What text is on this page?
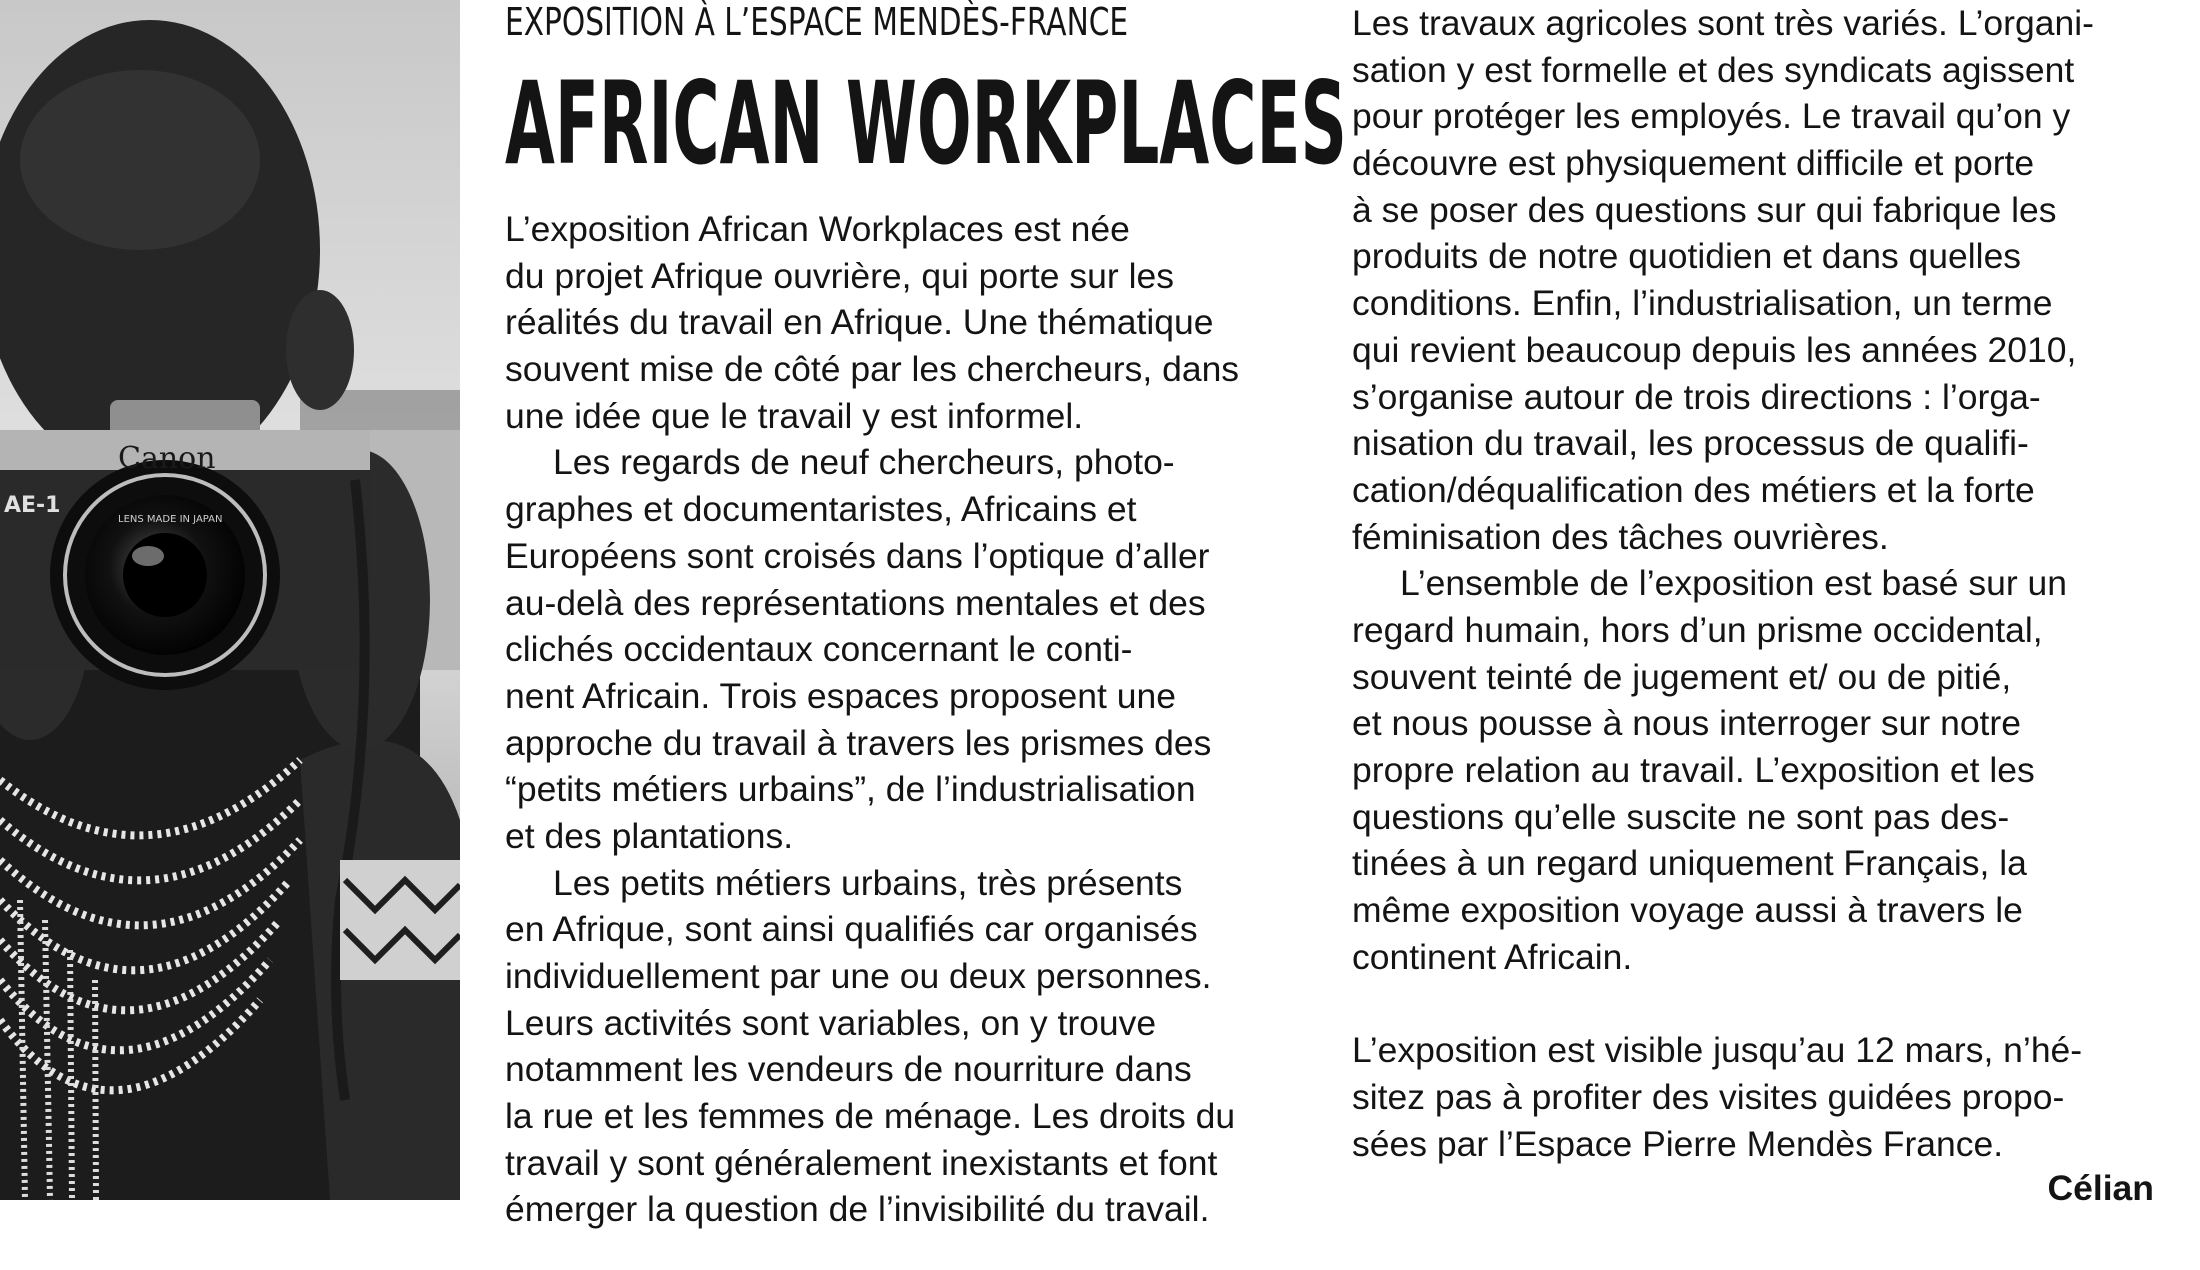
Canon
AE-1
LENS MADE IN JAPAN
EXPOSITION À L’ESPACE MENDÈS-FRANCE
AFRICAN WORKPLACES
L’exposition African Workplaces est née
du projet Afrique ouvrière, qui porte sur les
réalités du travail en Afrique. Une thématique
souvent mise de côté par les chercheurs, dans
une idée que le travail y est informel.
Les regards de neuf chercheurs, photo-
graphes et documentaristes, Africains et
Européens sont croisés dans l’optique d’aller
au-delà des représentations mentales et des
clichés occidentaux concernant le conti-
nent Africain. Trois espaces proposent une
approche du travail à travers les prismes des
“petits métiers urbains”, de l’industrialisation
et des plantations.
Les petits métiers urbains, très présents
en Afrique, sont ainsi qualifiés car organisés
individuellement par une ou deux personnes.
Leurs activités sont variables, on y trouve
notamment les vendeurs de nourriture dans
la rue et les femmes de ménage. Les droits du
travail y sont généralement inexistants et font
émerger la question de l’invisibilité du travail.
Les travaux agricoles sont très variés. L’organi-
sation y est formelle et des syndicats agissent
pour protéger les employés. Le travail qu’on y
découvre est physiquement difficile et porte
à se poser des questions sur qui fabrique les
produits de notre quotidien et dans quelles
conditions. Enfin, l’industrialisation, un terme
qui revient beaucoup depuis les années 2010,
s’organise autour de trois directions : l’orga-
nisation du travail, les processus de qualifi-
cation/déqualification des métiers et la forte
féminisation des tâches ouvrières.
L’ensemble de l’exposition est basé sur un
regard humain, hors d’un prisme occidental,
souvent teinté de jugement et/ ou de pitié,
et nous pousse à nous interroger sur notre
propre relation au travail. L’exposition et les
questions qu’elle suscite ne sont pas des-
tinées à un regard uniquement Français, la
même exposition voyage aussi à travers le
continent Africain.
L’exposition est visible jusqu’au 12 mars, n’hé-
sitez pas à profiter des visites guidées propo-
sées par l’Espace Pierre Mendès France.
Célian
